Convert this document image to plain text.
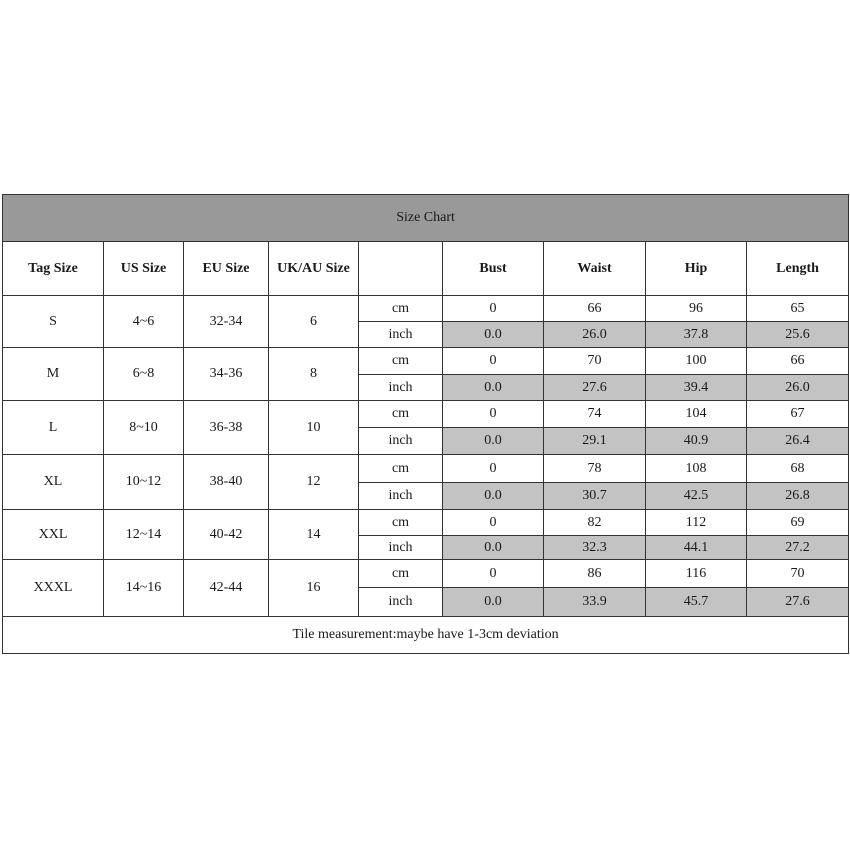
Size Chart								
Tag Size	US Size	EU Size	UK/AU Size		Bust	Waist	Hip	Length
S	4~6	32-34	6	cm	0	66	96	65
				inch	0.0	26.0	37.8	25.6
M	6~8	34-36	8	cm	0	70	100	66
				inch	0.0	27.6	39.4	26.0
L	8~10	36-38	10	cm	0	74	104	67
				inch	0.0	29.1	40.9	26.4
XL	10~12	38-40	12	cm	0	78	108	68
				inch	0.0	30.7	42.5	26.8
XXL	12~14	40-42	14	cm	0	82	112	69
				inch	0.0	32.3	44.1	27.2
XXXL	14~16	42-44	16	cm	0	86	116	70
				inch	0.0	33.9	45.7	27.6
Tile measurement:maybe have 1-3cm deviation								
